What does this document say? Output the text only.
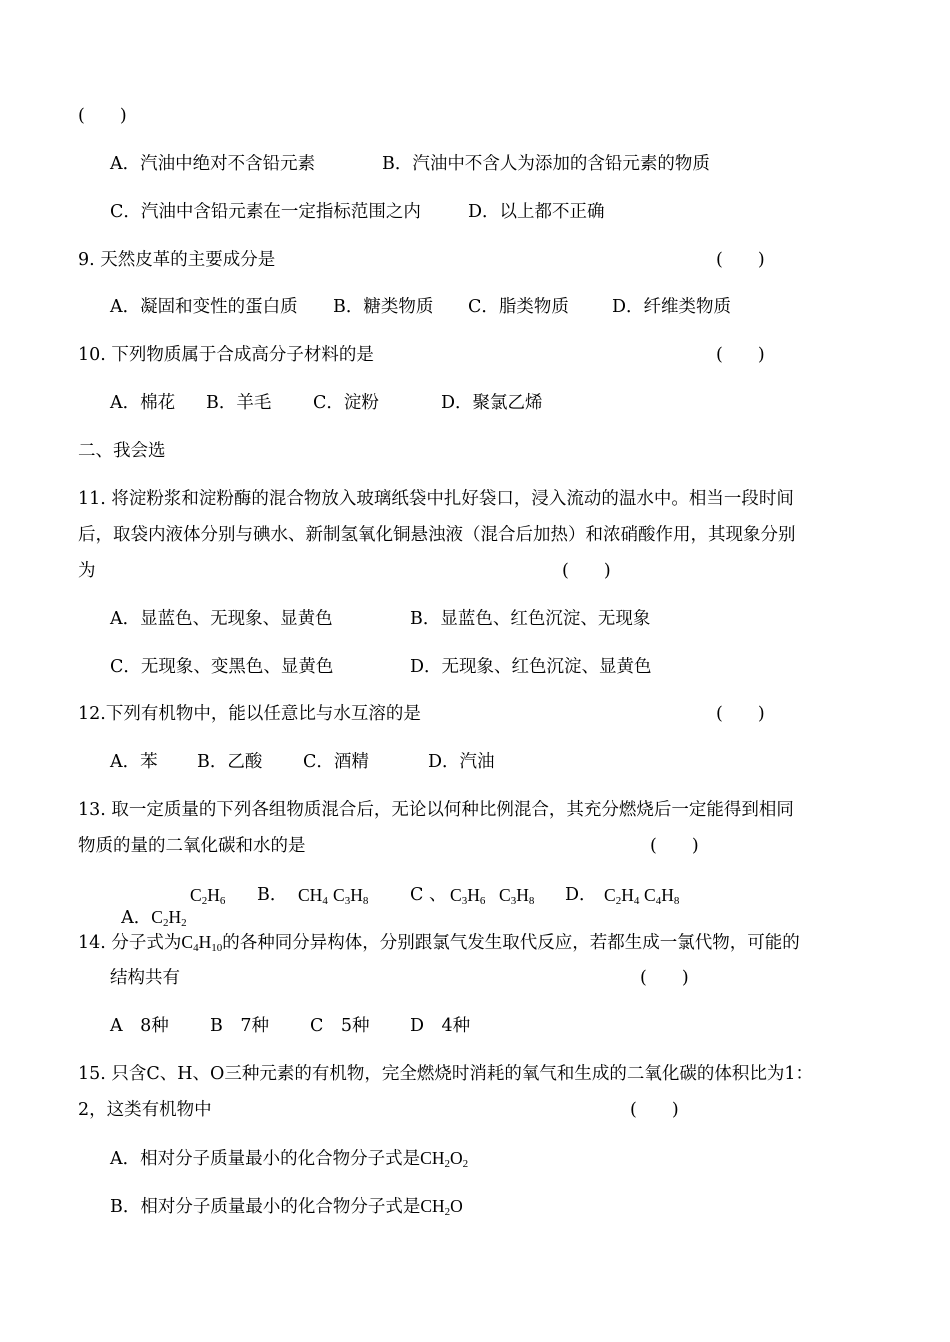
(　　)
A．汽油中绝对不含铅元素	B．汽油中不含人为添加的含铅元素的物质
C．汽油中含铅元素在一定指标范围之内	D．以上都不正确
9. 天然皮革的主要成分是	(　　)
A．凝固和变性的蛋白质 B．糖类物质 C．脂类物质 D．纤维类物质
10. 下列物质属于合成高分子材料的是	(　　)
A．棉花 B．羊毛 C．淀粉	D．聚氯乙烯
二、我会选
11. 将淀粉浆和淀粉酶的混合物放入玻璃纸袋中扎好袋口，浸入流动的温水中。相当一段时间
后，取袋内液体分别与碘水、新制氢氧化铜悬浊液（混合后加热）和浓硝酸作用，其现象分别
为	(　　)
A．显蓝色、无现象、显黄色	B．显蓝色、红色沉淀、无现象
C．无现象、变黑色、显黄色	D．无现象、红色沉淀、显黄色
12.下列有机物中，能以任意比与水互溶的是	(　　)
A．苯 B．乙酸 C．酒精	D．汽油
13. 取一定质量的下列各组物质混合后，无论以何种比例混合，其充分燃烧后一定能得到相同
物质的量的二氧化碳和水的是	(　　)

A．$C_2H_2$

$C_2H_6$ B． $CH_4$ $C_3H_8$ C 、 $C_3H_6$ $C_3H_8$ D． $C_2H_4$ $C_4H_8$
14. 分子式为$C_4H_{10}$的各种同分异构体，分别跟氯气发生取代反应，若都生成一氯代物，可能的
结构共有	(　　)
A　8种 B　7种 C　5种 D　4种
15. 只含C、H、O三种元素的有机物，完全燃烧时消耗的氧气和生成的二氧化碳的体积比为1：
2，这类有机物中	(　　)
A．相对分子质量最小的化合物分子式是$CH_2O_2$
B．相对分子质量最小的化合物分子式是$CH_2O$
